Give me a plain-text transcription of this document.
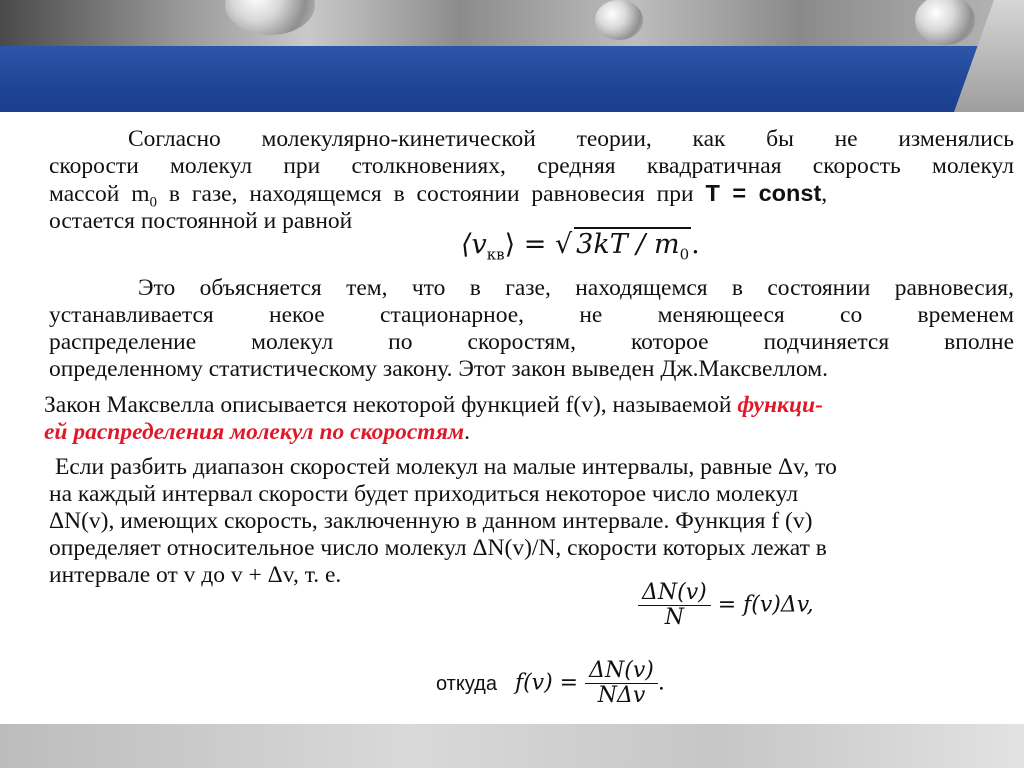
Согласно молекулярно-кинетической теории, как бы не изменялись
скорости молекул при столкновениях, средняя квадратичная скорость молекул
массой $m_0$ в газе, находящемся в состоянии равновесия при T = const,
остается постоянной и равной
$⟨v_{кв}⟩$ = √ $3kT / m_0$.
Это объясняется тем, что в газе, находящемся в состоянии равновесия,
устанавливается некое стационарное, не меняющееся со временем
распределение молекул по скоростям, которое подчиняется вполне
определенному статистическому закону. Этот закон выведен Дж.Максвеллом.
Закон Максвелла описывается некоторой функцией f(v), называемой функци-
ей распределения молекул по скоростям.
Если разбить диапазон скоростей молекул на малые интервалы, равные Δv, то
на каждый интервал скорости будет приходиться некоторое число молекул
ΔN(v), имеющих скорость, заключенную в данном интервале. Функция f (v)
определяет относительное число молекул ΔN(v)/N, скорости которых лежат в
интервале от v до v + Δv, т. е.
$\frac{\Delta N(v)}{N} = f(v)\Delta v$,
откуда $f(v) = \frac{\Delta N(v)}{\text{NΔv}}$ .
